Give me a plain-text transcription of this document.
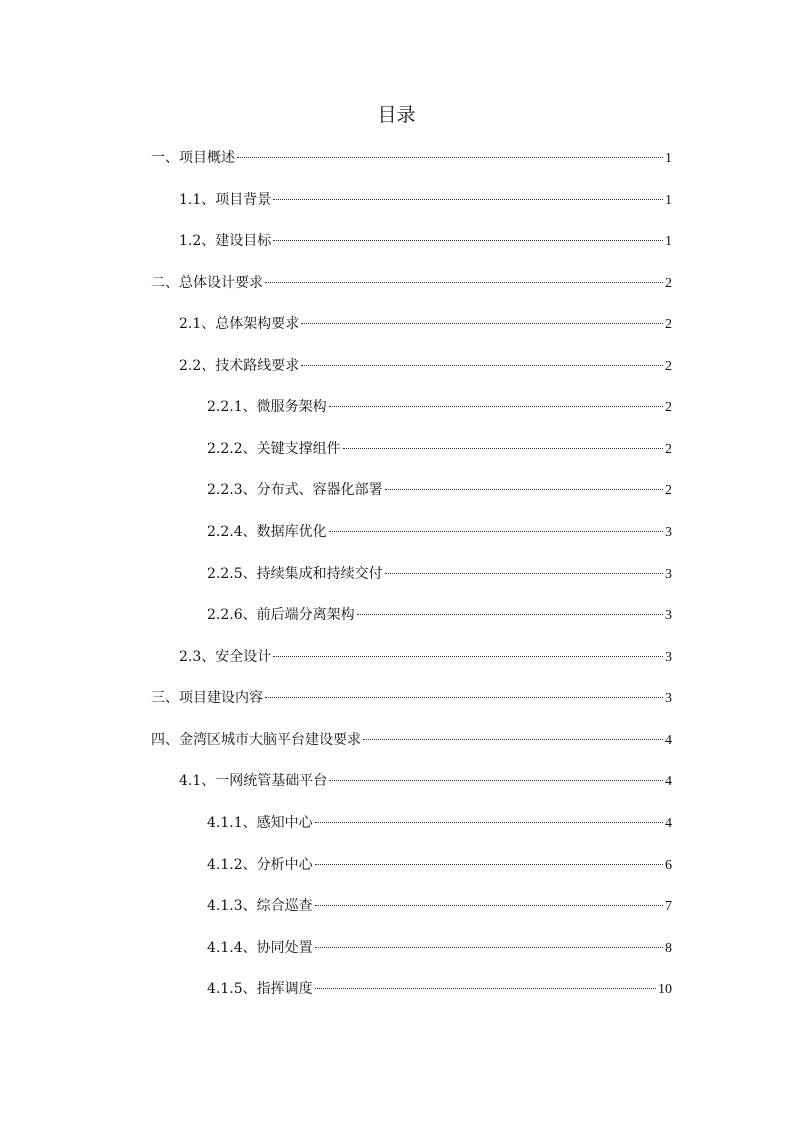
目录
一、项目概述	1
1.1、项目背景	1
1.2、建设目标	1
二、总体设计要求	2
2.1、总体架构要求	2
2.2、技术路线要求	2
2.2.1、微服务架构	2
2.2.2、关键支撑组件	2
2.2.3、分布式、容器化部署	2
2.2.4、数据库优化	3
2.2.5、持续集成和持续交付	3
2.2.6、前后端分离架构	3
2.3、安全设计	3
三、项目建设内容	3
四、金湾区城市大脑平台建设要求	4
4.1、一网统管基础平台	4
4.1.1、感知中心	4
4.1.2、分析中心	6
4.1.3、综合巡查	7
4.1.4、协同处置	8
4.1.5、指挥调度	10
